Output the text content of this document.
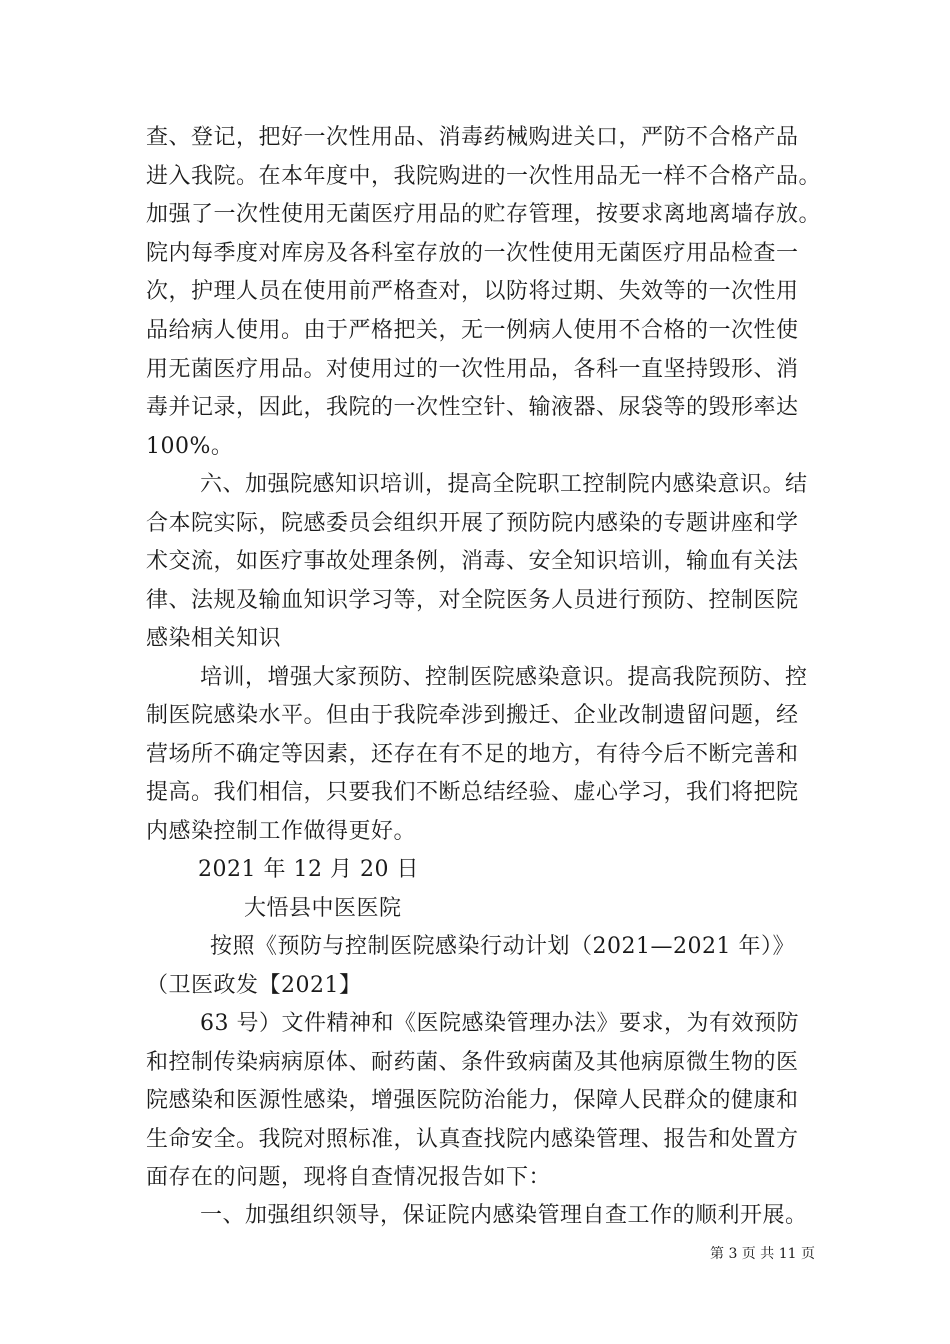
查、登记，把好一次性用品、消毒药械购进关口，严防不合格产品
进入我院。在本年度中，我院购进的一次性用品无一样不合格产品。
加强了一次性使用无菌医疗用品的贮存管理，按要求离地离墙存放。
院内每季度对库房及各科室存放的一次性使用无菌医疗用品检查一
次，护理人员在使用前严格查对，以防将过期、失效等的一次性用
品给病人使用。由于严格把关，无一例病人使用不合格的一次性使
用无菌医疗用品。对使用过的一次性用品，各科一直坚持毁形、消
毒并记录，因此，我院的一次性空针、输液器、尿袋等的毁形率达
100%。
六、加强院感知识培训，提高全院职工控制院内感染意识。结
合本院实际，院感委员会组织开展了预防院内感染的专题讲座和学
术交流，如医疗事故处理条例，消毒、安全知识培训，输血有关法
律、法规及输血知识学习等，对全院医务人员进行预防、控制医院
感染相关知识
培训，增强大家预防、控制医院感染意识。提高我院预防、控
制医院感染水平。但由于我院牵涉到搬迁、企业改制遗留问题，经
营场所不确定等因素，还存在有不足的地方，有待今后不断完善和
提高。我们相信，只要我们不断总结经验、虚心学习，我们将把院
内感染控制工作做得更好。
2021 年 12 月 20 日
大悟县中医医院
按照《预防与控制医院感染行动计划（2021—2021 年）》
（卫医政发【2021】
63 号）文件精神和《医院感染管理办法》要求，为有效预防
和控制传染病病原体、耐药菌、条件致病菌及其他病原微生物的医
院感染和医源性感染，增强医院防治能力，保障人民群众的健康和
生命安全。我院对照标准，认真查找院内感染管理、报告和处置方
面存在的问题，现将自查情况报告如下：
一、加强组织领导，保证院内感染管理自查工作的顺利开展。
第 3 页 共 11 页
